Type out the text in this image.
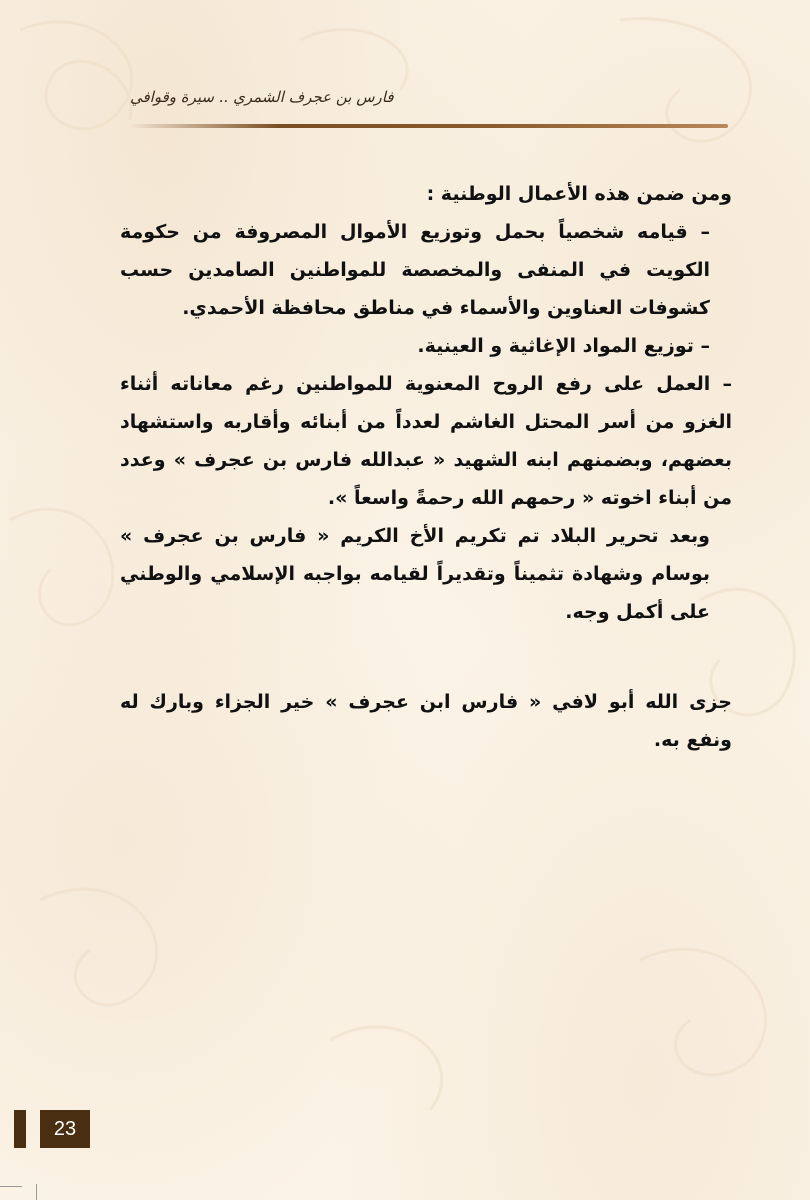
فارس بن عجرف الشمري .. سيرة وقوافي

ومن ضمن هذه الأعمال الوطنية :

– قيامه شخصياً بحمل وتوزيع الأموال المصروفة من حكومة الكويت في المنفى والمخصصة للمواطنين الصامدين حسب كشوفات العناوين والأسماء في مناطق محافظة الأحمدي.

– توزيع المواد الإغاثية و العينية.

– العمل على رفع الروح المعنوية للمواطنين رغم معاناته أثناء الغزو من أسر المحتل الغاشم لعدداً من أبنائه وأقاربه واستشهاد بعضهم، وبضمنهم ابنه الشهيد « عبدالله فارس بن عجرف » وعدد من أبناء اخوته « رحمهم الله رحمةً واسعاً ».

وبعد تحرير البلاد تم تكريم الأخ الكريم « فارس بن عجرف » بوسام وشهادة تثميناً وتقديراً لقيامه بواجبه الإسلامي والوطني على أكمل وجه.

جزى الله أبو لافي « فارس ابن عجرف » خير الجزاء وبارك له ونفع به.

23
